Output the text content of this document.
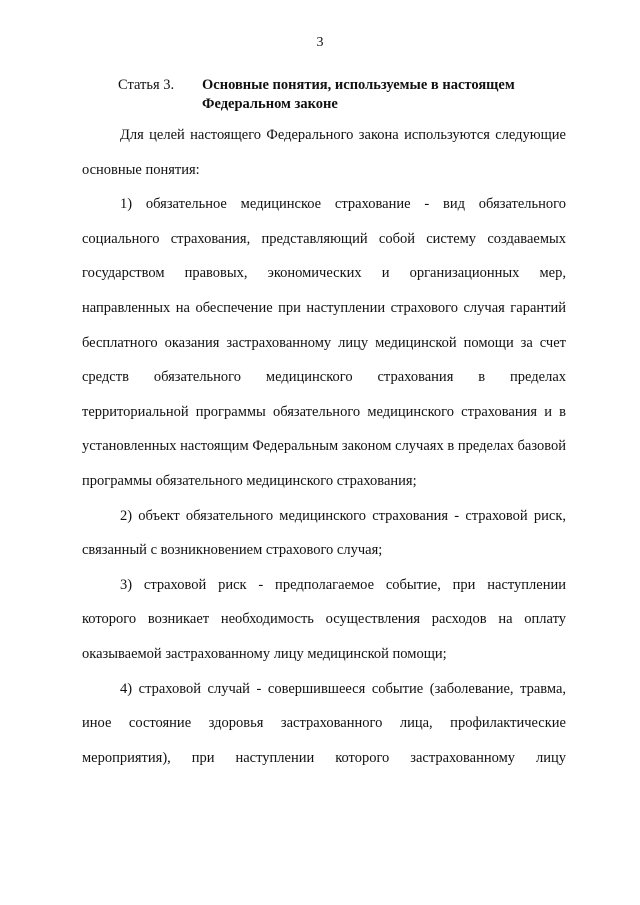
3
Статья 3. Основные понятия, используемые в настоящем Федеральном законе

Для целей настоящего Федерального закона используются следующие основные понятия:

1) обязательное медицинское страхование - вид обязательного социального страхования, представляющий собой систему создаваемых государством правовых, экономических и организационных мер, направленных на обеспечение при наступлении страхового случая гарантий бесплатного оказания застрахованному лицу медицинской помощи за счет средств обязательного медицинского страхования в пределах территориальной программы обязательного медицинского страхования и в установленных настоящим Федеральным законом случаях в пределах базовой программы обязательного медицинского страхования;

2) объект обязательного медицинского страхования - страховой риск, связанный с возникновением страхового случая;

3) страховой риск - предполагаемое событие, при наступлении которого возникает необходимость осуществления расходов на оплату оказываемой застрахованному лицу медицинской помощи;

4) страховой случай - совершившееся событие (заболевание, травма, иное состояние здоровья застрахованного лица, профилактические мероприятия), при наступлении которого застрахованному лицу
